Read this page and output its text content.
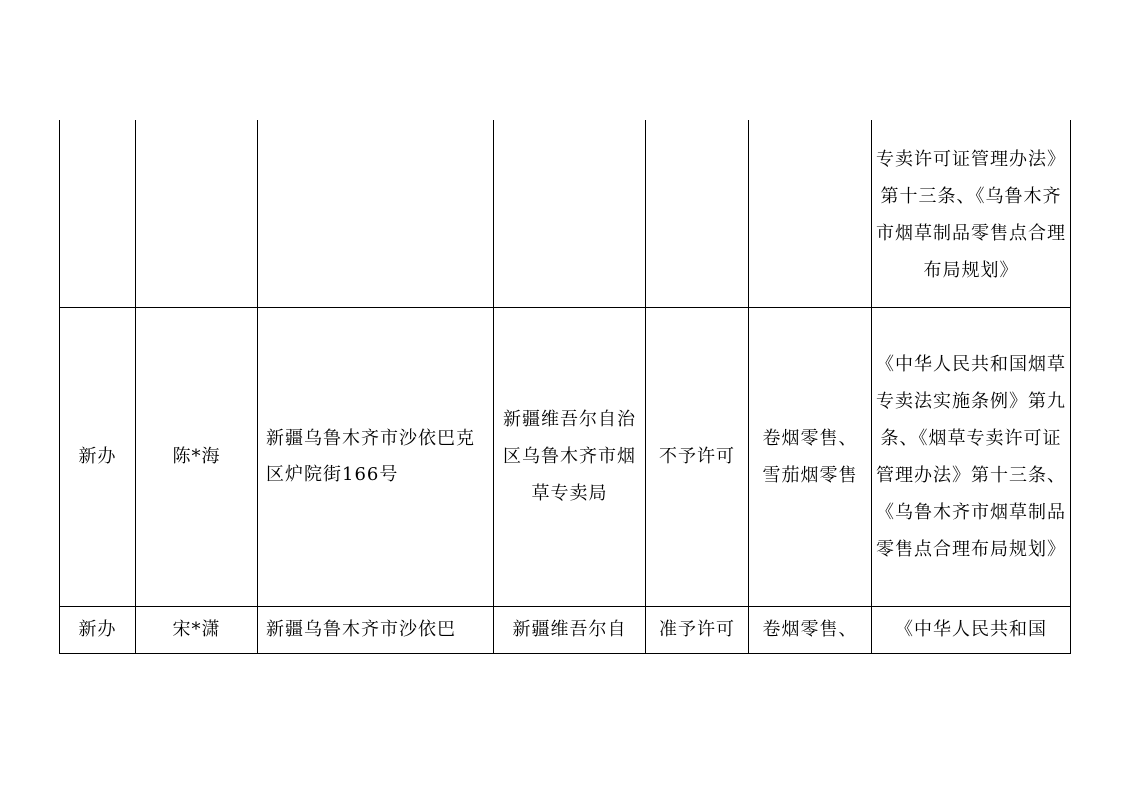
						专卖许可证管理办法》第十三条、《乌鲁木齐市烟草制品零售点合理布局规划》
新办	陈*海	新疆乌鲁木齐市沙依巴克区炉院街166号	新疆维吾尔自治区乌鲁木齐市烟草专卖局	不予许可	卷烟零售、雪茄烟零售	《中华人民共和国烟草专卖法实施条例》第九条、《烟草专卖许可证管理办法》第十三条、《乌鲁木齐市烟草制品零售点合理布局规划》
新办	宋*潇	新疆乌鲁木齐市沙依巴	新疆维吾尔自	准予许可	卷烟零售、	《中华人民共和国
